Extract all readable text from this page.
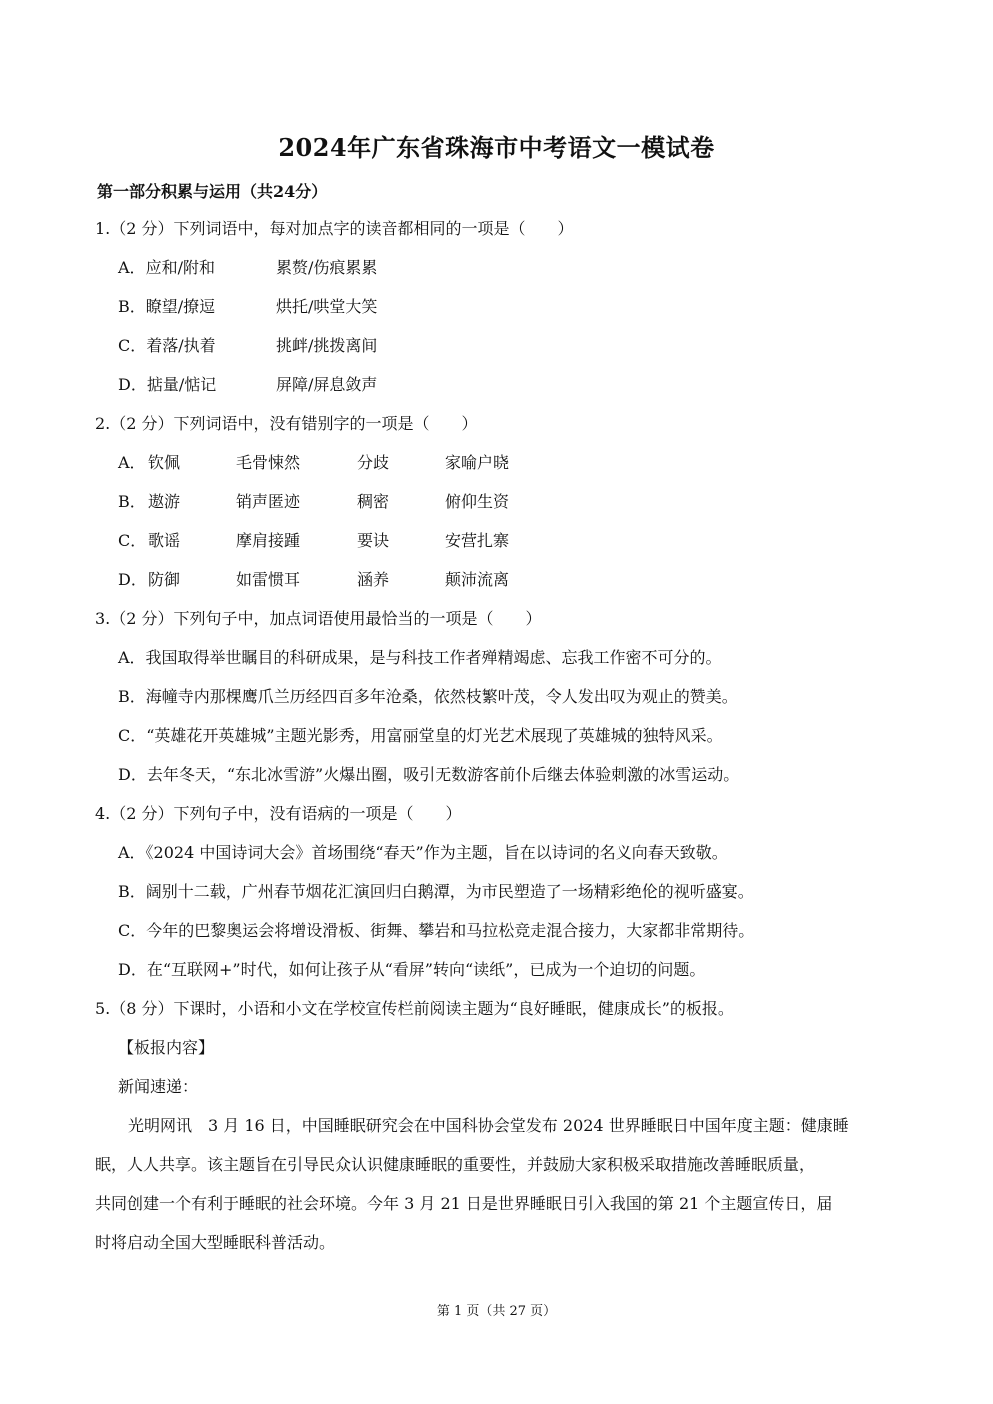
2024年广东省珠海市中考语文一模试卷
第一部分积累与运用（共24分）
1.（2 分）下列词语中，每对加点字的读音都相同的一项是（　　）
A．应和/附和	累赘/伤痕累累
B．瞭望/撩逗	烘托/哄堂大笑
C．着落/执着	挑衅/挑拨离间
D．掂量/惦记	屏障/屏息敛声
2.（2 分）下列词语中，没有错别字的一项是（　　）
A． 钦佩	毛骨悚然	分歧	家喻户晓
B． 遨游	销声匿迹	稠密	俯仰生资
C． 歌谣	摩肩接踵	要诀	安营扎寨
D． 防御	如雷惯耳	涵养	颠沛流离
3.（2 分）下列句子中，加点词语使用最恰当的一项是（　　）
A．我国取得举世瞩目的科研成果，是与科技工作者殚精竭虑、忘我工作密不可分的。
B．海幢寺内那棵鹰爪兰历经四百多年沧桑，依然枝繁叶茂，令人发出叹为观止的赞美。
C．“英雄花开英雄城”主题光影秀，用富丽堂皇的灯光艺术展现了英雄城的独特风采。
D．去年冬天，“东北冰雪游”火爆出圈，吸引无数游客前仆后继去体验刺激的冰雪运动。
4.（2 分）下列句子中，没有语病的一项是（　　）
A．《2024 中国诗词大会》首场围绕“春天”作为主题，旨在以诗词的名义向春天致敬。
B．阔别十二载，广州春节烟花汇演回归白鹅潭，为市民塑造了一场精彩绝伦的视听盛宴。
C．今年的巴黎奥运会将增设滑板、街舞、攀岩和马拉松竞走混合接力，大家都非常期待。
D．在“互联网+”时代，如何让孩子从“看屏”转向“读纸”，已成为一个迫切的问题。
5.（8 分）下课时，小语和小文在学校宣传栏前阅读主题为“良好睡眠，健康成长”的板报。
【板报内容】
新闻速递：
光明网讯　3 月 16 日，中国睡眠研究会在中国科协会堂发布 2024 世界睡眠日中国年度主题：健康睡
眠，人人共享。该主题旨在引导民众认识健康睡眠的重要性，并鼓励大家积极采取措施改善睡眠质量，
共同创建一个有利于睡眠的社会环境。今年 3 月 21 日是世界睡眠日引入我国的第 21 个主题宣传日，届
时将启动全国大型睡眠科普活动。
第 1 页（共 27 页）
